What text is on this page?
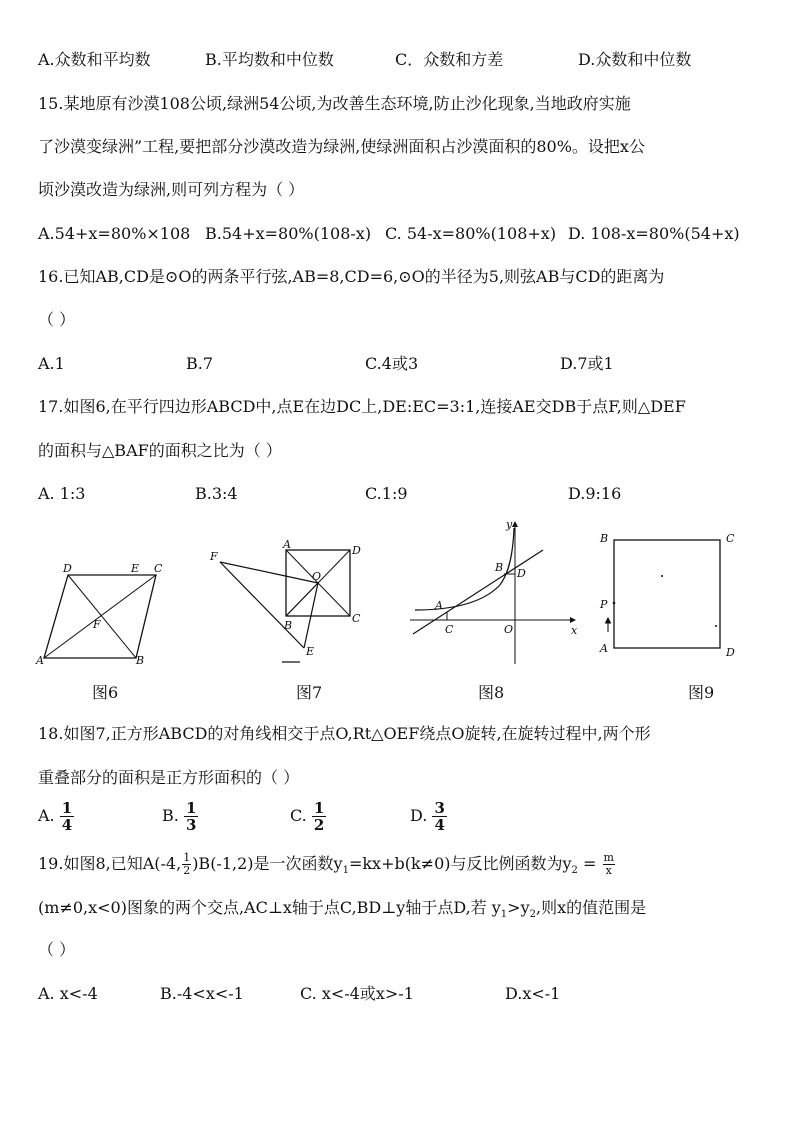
A.众数和平均数	B.平均数和中位数	C．众数和方差	D.众数和中位数
15.某地原有沙漠108公顷,绿洲54公顷,为改善生态环境,防止沙化现象,当地政府实施
了沙漠变绿洲”工程,要把部分沙漠改造为绿洲,使绿洲面积占沙漠面积的80%。设把x公
顷沙漠改造为绿洲,则可列方程为（ ）
A.54+x=80%×108 B.54+x=80%(108-x) C. 54-x=80%(108+x) D. 108-x=80%(54+x)
16.已知AB,CD是⊙O的两条平行弦,AB=8,CD=6,⊙O的半径为5,则弦AB与CD的距离为
（ ）
A.1	B.7	C.4或3	D.7或1
17.如图6,在平行四边形ABCD中,点E在边DC上,DE:EC=3:1,连接AE交DB于点F,则△DEF
的面积与△BAF的面积之比为（ ）
A. 1:3	B.3:4	C.1:9	D.9:16
D	E C
F
A	B
图6
F
A	D
O
B
C
E
图7
y
B D
A
C	O	x
图8
B	C
P
A	D
图9
18.如图7,正方形ABCD的对角线相交于点O,Rt△OEF绕点O旋转,在旋转过程中,两个形
重叠部分的面积是正方形面积的（ ）
A. $\frac{1}{4}$	B. $\frac{1}{3}$	C. $\frac{1}{2}$	D. $\frac{3}{4}$
19.如图8,已知A(-4, $\frac{1}{2} )B(-1,2)$是一次函数$y_1=kx+b(k\ne 0)$与反比例函数为$y_2 = \frac{m}{x}$
(m≠0,x<0)图象的两个交点,AC⊥x轴于点C,BD⊥y轴于点D,若 $y_1>y_2$,则x的值范围是
（ ）
A. x<-4	B.-4<x<-1	C. x<-4或x>-1	D.x<-1
